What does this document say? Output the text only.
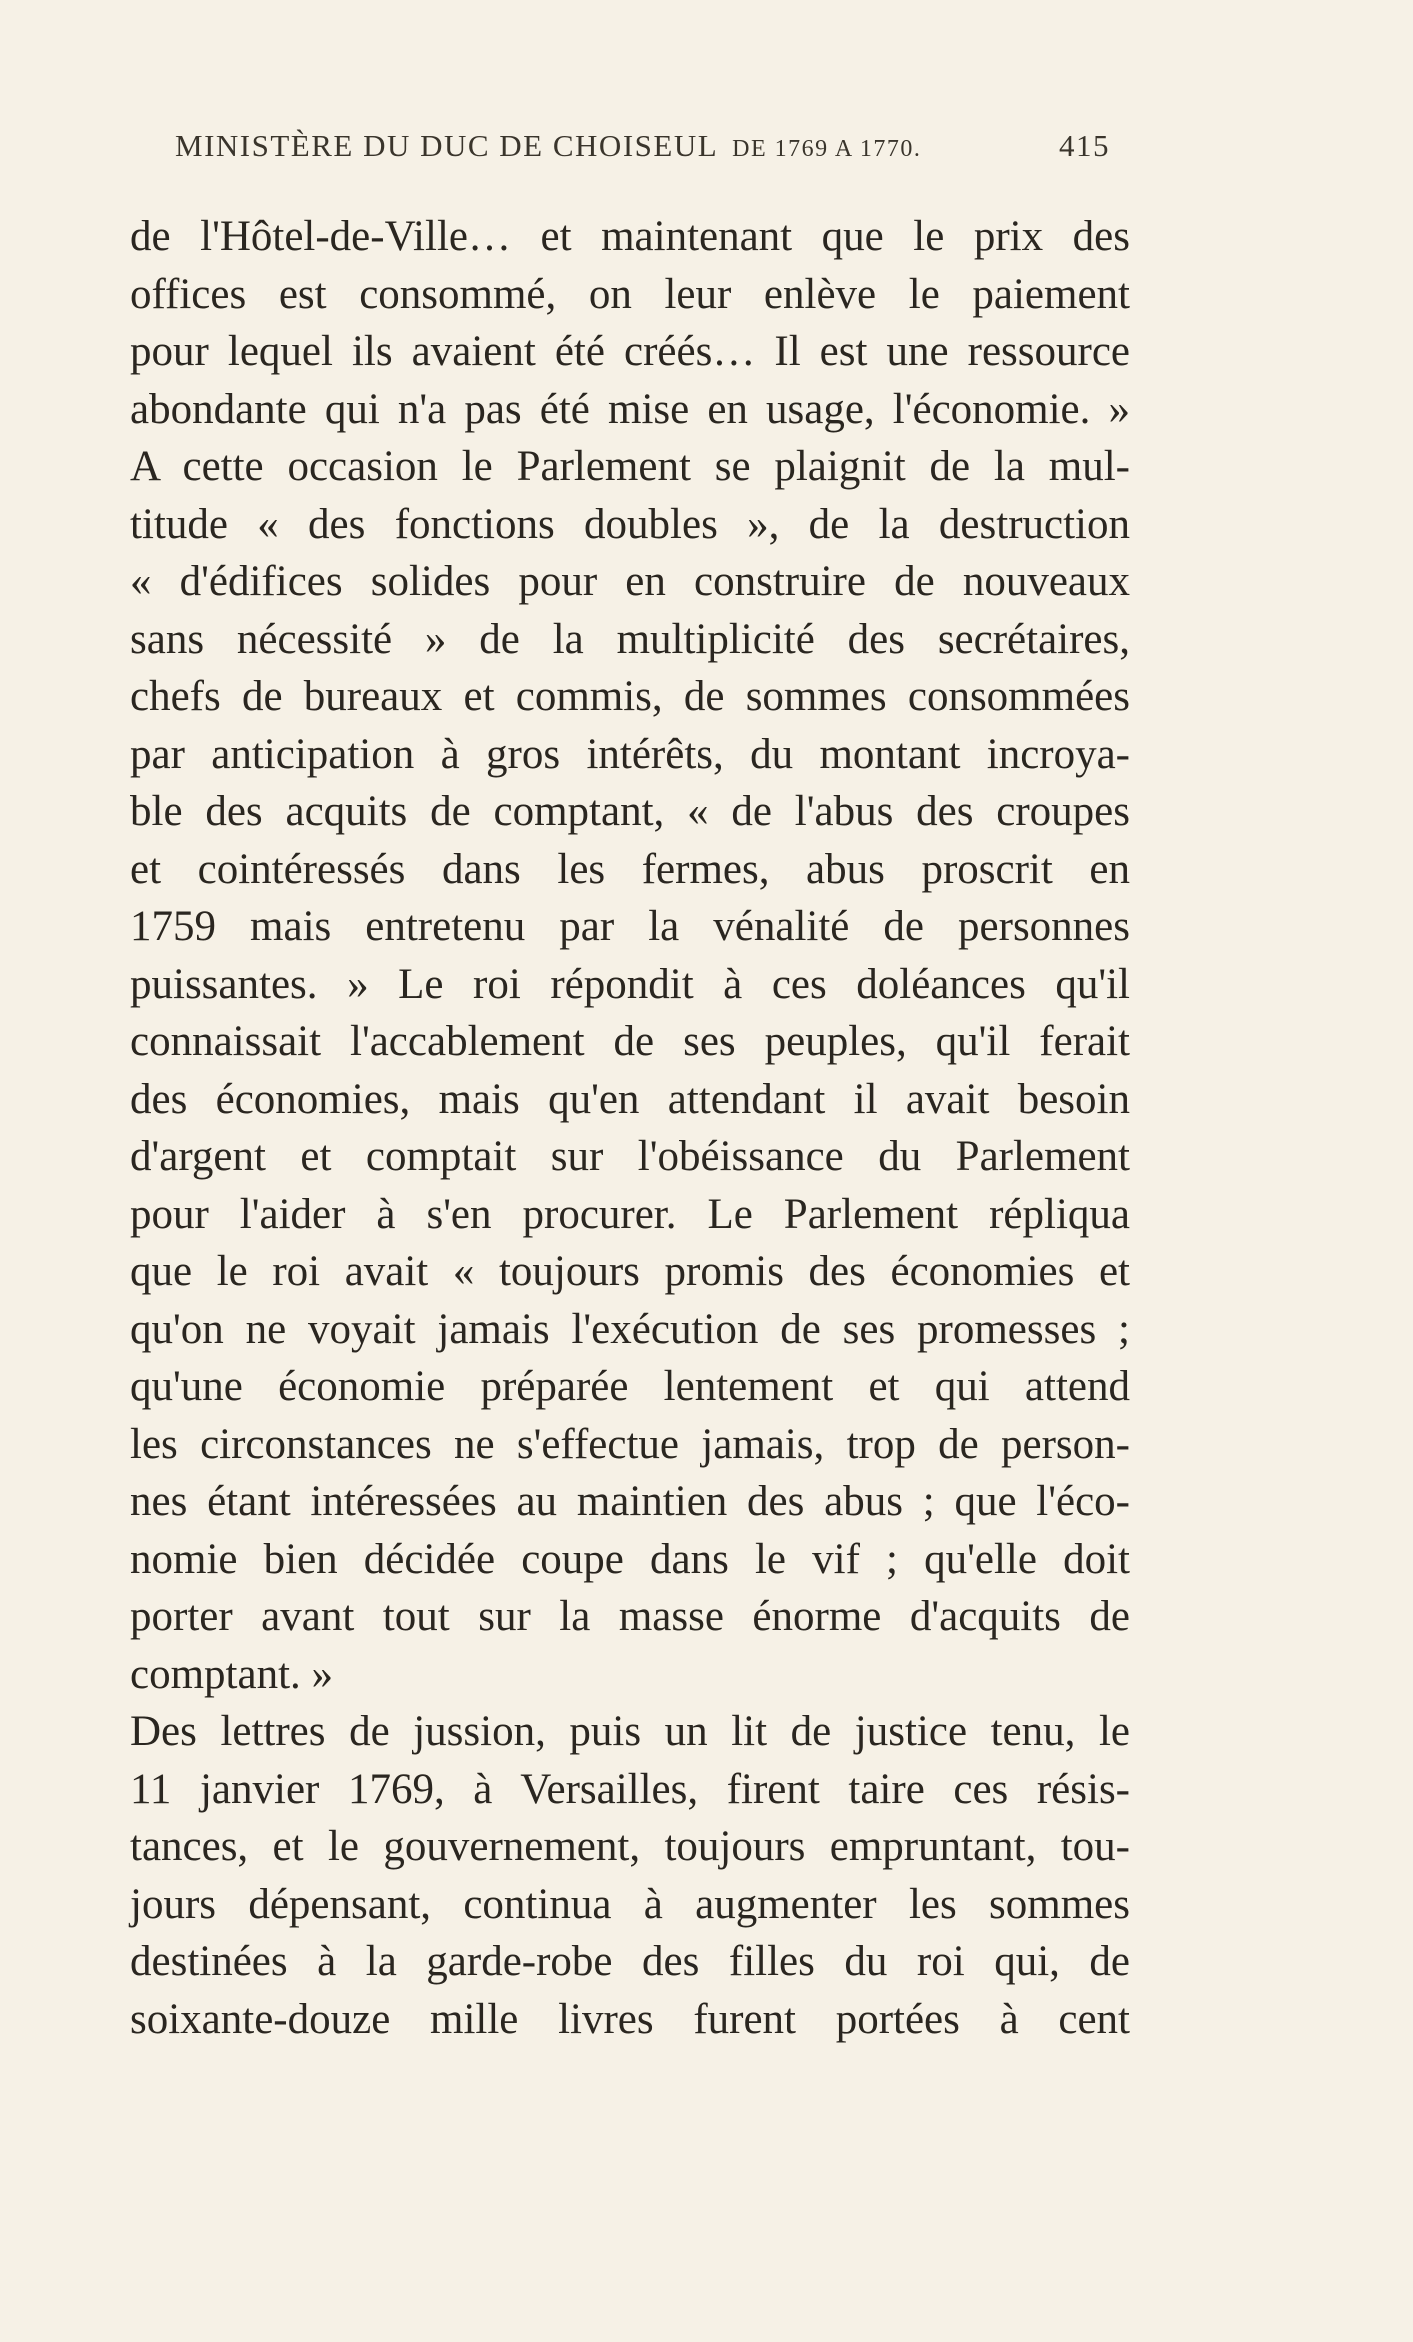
MINISTÈRE DU DUC DE CHOISEUL DE 1769 A 1770.	415
de l'Hôtel-de-Ville… et maintenant que le prix des
offices est consommé, on leur enlève le paiement
pour lequel ils avaient été créés… Il est une ressource
abondante qui n'a pas été mise en usage, l'économie. »
A cette occasion le Parlement se plaignit de la mul-
titude « des fonctions doubles », de la destruction
« d'édifices solides pour en construire de nouveaux
sans nécessité » de la multiplicité des secrétaires,
chefs de bureaux et commis, de sommes consommées
par anticipation à gros intérêts, du montant incroya-
ble des acquits de comptant, « de l'abus des croupes
et cointéressés dans les fermes, abus proscrit en
1759 mais entretenu par la vénalité de personnes
puissantes. » Le roi répondit à ces doléances qu'il
connaissait l'accablement de ses peuples, qu'il ferait
des économies, mais qu'en attendant il avait besoin
d'argent et comptait sur l'obéissance du Parlement
pour l'aider à s'en procurer. Le Parlement répliqua
que le roi avait « toujours promis des économies et
qu'on ne voyait jamais l'exécution de ses promesses ;
qu'une économie préparée lentement et qui attend
les circonstances ne s'effectue jamais, trop de person-
nes étant intéressées au maintien des abus ; que l'éco-
nomie bien décidée coupe dans le vif ; qu'elle doit
porter avant tout sur la masse énorme d'acquits de
comptant. »
Des lettres de jussion, puis un lit de justice tenu, le
11 janvier 1769, à Versailles, firent taire ces résis-
tances, et le gouvernement, toujours empruntant, tou-
jours dépensant, continua à augmenter les sommes
destinées à la garde-robe des filles du roi qui, de
soixante-douze mille livres furent portées à cent
